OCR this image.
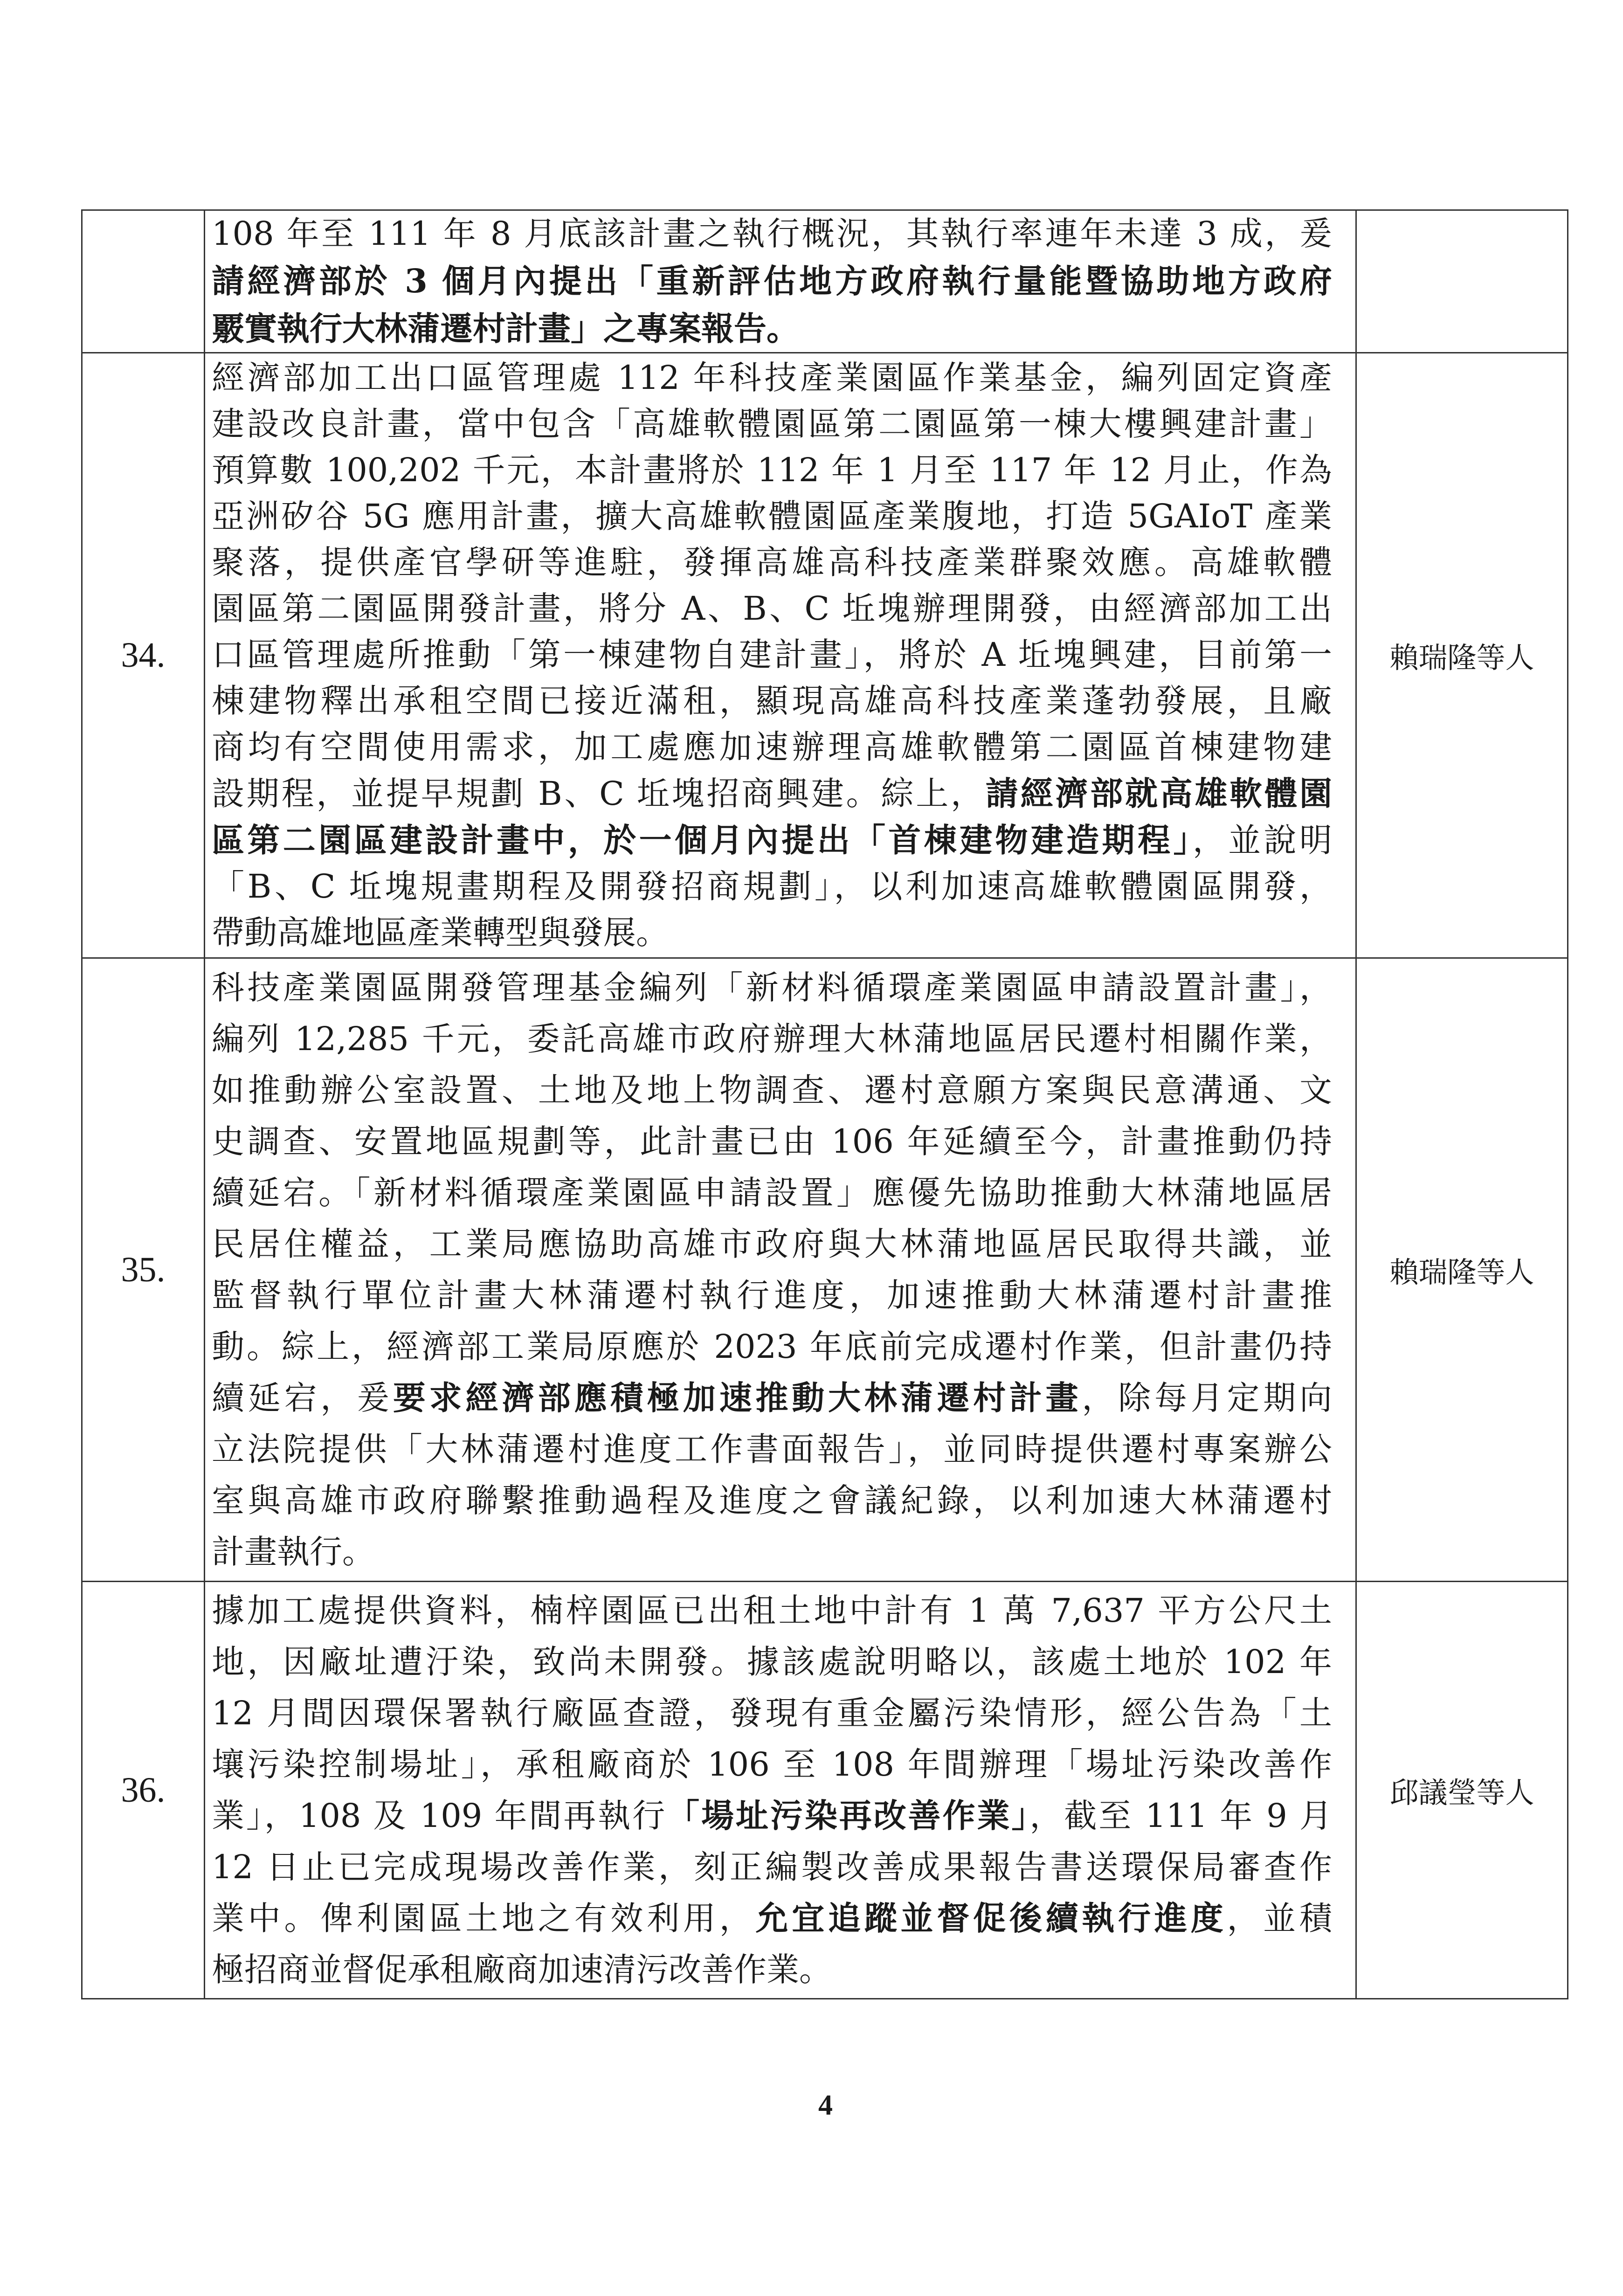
108 年至 111 年 8 月底該計畫之執行概況，其執行率連年未達 3 成，爰
請經濟部於 3 個月內提出「重新評估地方政府執行量能暨協助地方政府
覈實執行大林蒲遷村計畫」之專案報告。
34.
經濟部加工出口區管理處 112 年科技產業園區作業基金，編列固定資產
建設改良計畫，當中包含「高雄軟體園區第二園區第一棟大樓興建計畫」
預算數 100,202 千元，本計畫將於 112 年 1 月至 117 年 12 月止，作為
亞洲矽谷 5G 應用計畫，擴大高雄軟體園區產業腹地，打造 5GAIoT 產業
聚落，提供產官學研等進駐，發揮高雄高科技產業群聚效應。高雄軟體
園區第二園區開發計畫，將分 A、B、C 坵塊辦理開發，由經濟部加工出
口區管理處所推動「第一棟建物自建計畫」，將於 A 坵塊興建，目前第一
棟建物釋出承租空間已接近滿租，顯現高雄高科技產業蓬勃發展，且廠
商均有空間使用需求，加工處應加速辦理高雄軟體第二園區首棟建物建
設期程，並提早規劃 B、C 坵塊招商興建。綜上，請經濟部就高雄軟體園
區第二園區建設計畫中，於一個月內提出「首棟建物建造期程」，並說明
「B、C 坵塊規畫期程及開發招商規劃」，以利加速高雄軟體園區開發，
帶動高雄地區產業轉型與發展。
賴瑞隆等人
35.
科技產業園區開發管理基金編列「新材料循環產業園區申請設置計畫」，
編列 12,285 千元，委託高雄市政府辦理大林蒲地區居民遷村相關作業，
如推動辦公室設置、土地及地上物調查、遷村意願方案與民意溝通、文
史調查、安置地區規劃等，此計畫已由 106 年延續至今，計畫推動仍持
續延宕。「新材料循環產業園區申請設置」應優先協助推動大林蒲地區居
民居住權益，工業局應協助高雄市政府與大林蒲地區居民取得共識，並
監督執行單位計畫大林蒲遷村執行進度，加速推動大林蒲遷村計畫推
動。綜上，經濟部工業局原應於 2023 年底前完成遷村作業，但計畫仍持
續延宕，爰要求經濟部應積極加速推動大林蒲遷村計畫，除每月定期向
立法院提供「大林蒲遷村進度工作書面報告」，並同時提供遷村專案辦公
室與高雄市政府聯繫推動過程及進度之會議紀錄，以利加速大林蒲遷村
計畫執行。
賴瑞隆等人
36.
據加工處提供資料，楠梓園區已出租土地中計有 1 萬 7,637 平方公尺土
地，因廠址遭汙染，致尚未開發。據該處說明略以，該處土地於 102 年
12 月間因環保署執行廠區查證，發現有重金屬污染情形，經公告為「土
壤污染控制場址」，承租廠商於 106 至 108 年間辦理「場址污染改善作
業」，108 及 109 年間再執行「場址污染再改善作業」，截至 111 年 9 月
12 日止已完成現場改善作業，刻正編製改善成果報告書送環保局審查作
業中。俾利園區土地之有效利用，允宜追蹤並督促後續執行進度，並積
極招商並督促承租廠商加速清污改善作業。
邱議瑩等人
4
